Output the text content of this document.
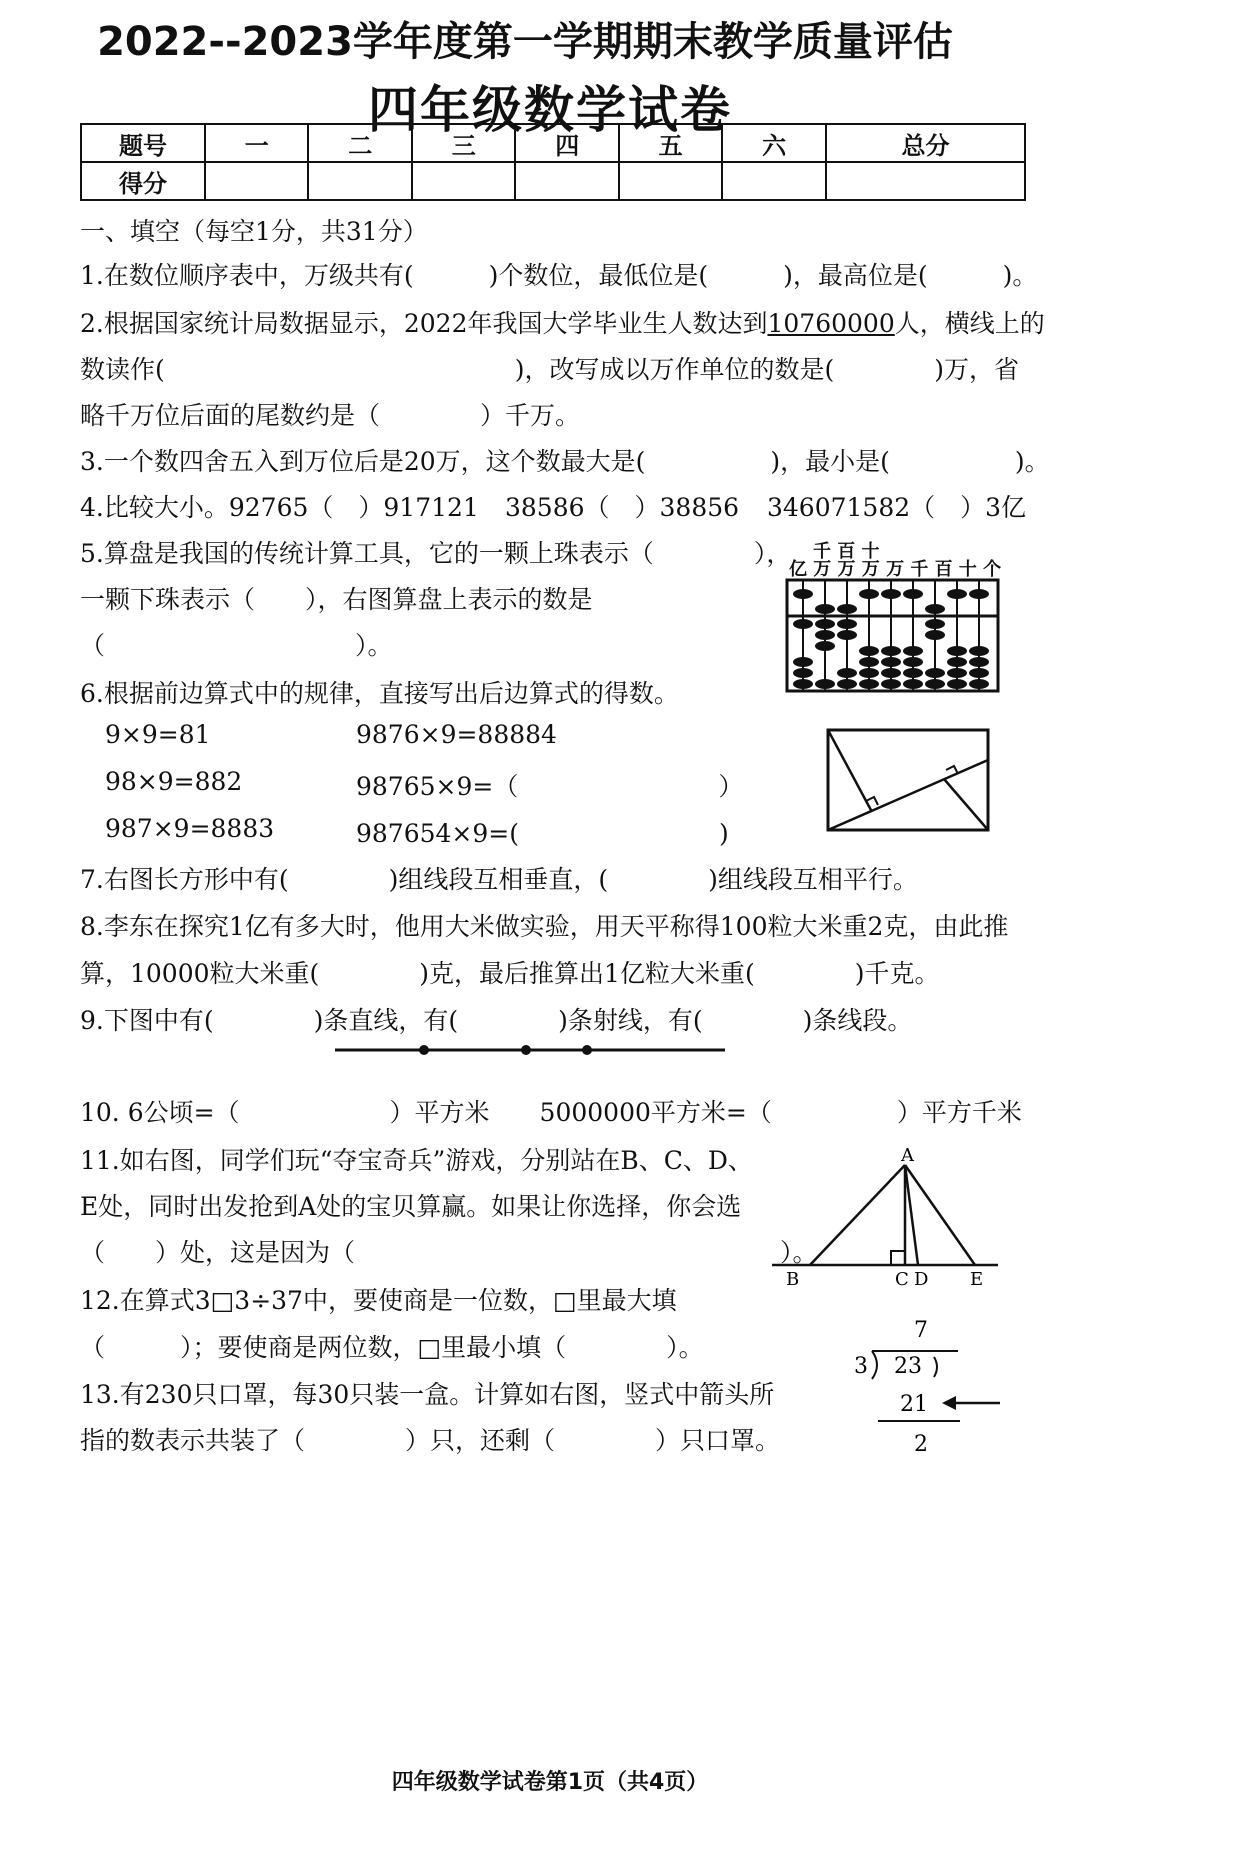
2022--2023学年度第一学期期末教学质量评估
四年级数学试卷
题号	一	二	三	四	五	六	总分
得分							
一、填空（每空1分，共31分）
1.在数位顺序表中，万级共有(　　　)个数位，最低位是(　　　)，最高位是(　　　)。
2.根据国家统计局数据显示，2022年我国大学毕业生人数达到10760000人，横线上的
数读作(　　　　　　　　　　　　　　)，改写成以万作单位的数是(　　　　)万，省
略千万位后面的尾数约是（　　　　）千万。
3.一个数四舍五入到万位后是20万，这个数最大是(　　　　　)，最小是(　　　　　)。
4.比较大小。92765（　）917121 38586（　）38856 346071582（　）3亿
5.算盘是我国的传统计算工具，它的一颗上珠表示（　　　　），
一颗下珠表示（　　），右图算盘上表示的数是
（　　　　　　　　　　）。
千 百 十
亿 万 万 万 万 千 百 十 个
6.根据前边算式中的规律，直接写出后边算式的得数。
9×9=81
98×9=882
987×9=8883
9876×9=88884
98765×9=（　　　　　　　　）
987654×9=(　　　　　　　　)
7.右图长方形中有(　　　　)组线段互相垂直，(　　　　)组线段互相平行。
8.李东在探究1亿有多大时，他用大米做实验，用天平称得100粒大米重2克，由此推
算，10000粒大米重(　　　　)克，最后推算出1亿粒大米重(　　　　)千克。
9.下图中有(　　　　)条直线，有(　　　　)条射线，有(　　　　)条线段。
10. 6公顷=（　　　　　　）平方米　　5000000平方米=（　　　　　）平方千米
11.如右图，同学们玩“夺宝奇兵”游戏，分别站在B、C、D、
E处，同时出发抢到A处的宝贝算赢。如果让你选择，你会选
（　　）处，这是因为（　　　　　　　　　　　　　　　　　）。
A
B	C D E
12.在算式3□3÷37中，要使商是一位数，□里最大填
（　　　）；要使商是两位数，□里最小填（　　　　）。
13.有230只口罩，每30只装一盒。计算如右图，竖式中箭头所
指的数表示共装了（　　　　）只，还剩（　　　　）只口罩。
7
3 23
21
2
四年级数学试卷第1页（共4页）
